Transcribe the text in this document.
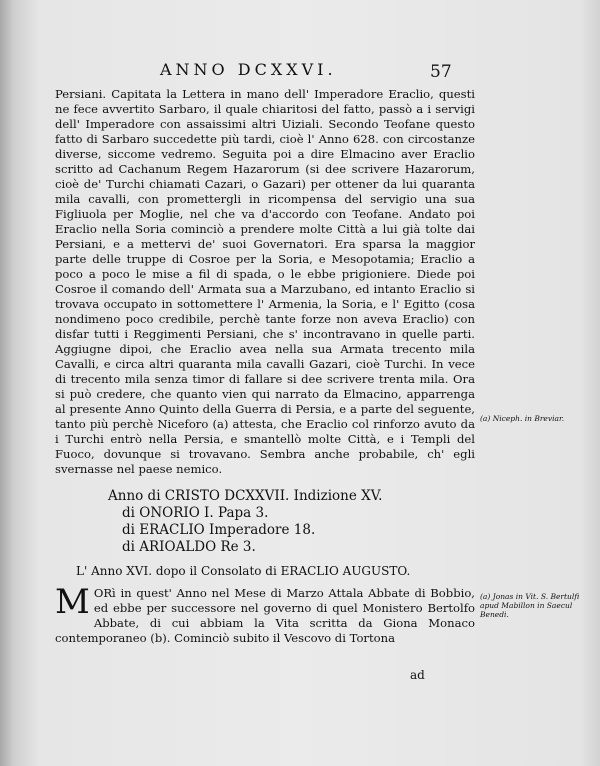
ANNO DCXXVI.	57

Persiani. Capitata la Lettera in mano dell' Imperadore Eraclio, questi ne fece avvertito Sarbaro, il quale chiaritosi del fatto, passò a i servigi dell' Imperadore con assaissimi altri Uiziali. Secondo Teofane questo fatto di Sarbaro succedette più tardi, cioè l' Anno 628. con circostanze diverse, siccome vedremo. Seguita poi a dire Elmacino aver Eraclio scritto ad Cachanum Regem Hazarorum (si dee scrivere Hazarorum, cioè de' Turchi chiamati Cazari, o Gazari) per ottener da lui quaranta mila cavalli, con promettergli in ricompensa del servigio una sua Figliuola per Moglie, nel che va d'accordo con Teofane. Andato poi Eraclio nella Soria cominciò a prendere molte Città a lui già tolte dai Persiani, e a mettervi de' suoi Governatori. Era sparsa la maggior parte delle truppe di Cosroe per la Soria, e Mesopotamia; Eraclio a poco a poco le mise a fil di spada, o le ebbe prigioniere. Diede poi Cosroe il comando dell' Armata sua a Marzubano, ed intanto Eraclio si trovava occupato in sottomettere l' Armenia, la Soria, e l' Egitto (cosa nondimeno poco credibile, perchè tante forze non aveva Eraclio) con disfar tutti i Reggimenti Persiani, che s' incontravano in quelle parti. Aggiugne dipoi, che Eraclio avea nella sua Armata trecento mila Cavalli, e circa altri quaranta mila cavalli Gazari, cioè Turchi. In vece di trecento mila senza timor di fallare si dee scrivere trenta mila. Ora si può credere, che quanto vien qui narrato da Elmacino, apparrenga al presente Anno Quinto della Guerra di Persia, e a parte del seguente, tanto più perchè Niceforo (a) attesta, che Eraclio col rinforzo avuto da i Turchi entrò nella Persia, e smantellò molte Città, e i Templi del Fuoco, dovunque si trovavano. Sembra anche probabile, ch' egli svernasse nel paese nemico.

(a) Niceph. in Breviar.
Anno di CRISTO DCXXVII. Indizione XV.
di ONORIO I. Papa 3.
di ERACLIO Imperadore 18.
di ARIOALDO Re 3.
L' Anno XVI. dopo il Consolato di ERACLIO AUGUSTO.
M ORì in quest' Anno nel Mese di Marzo Attala Abbate di Bobbio, ed ebbe per successore nel governo di quel Monistero Bertolfo Abbate, di cui abbiam la Vita scritta da Giona Monaco contemporaneo (b). Cominciò subito il Vescovo di Tortona
(a) Jonas in Vit. S. Bertulfi apud Mabillon in Saecul Benedi.
ad
